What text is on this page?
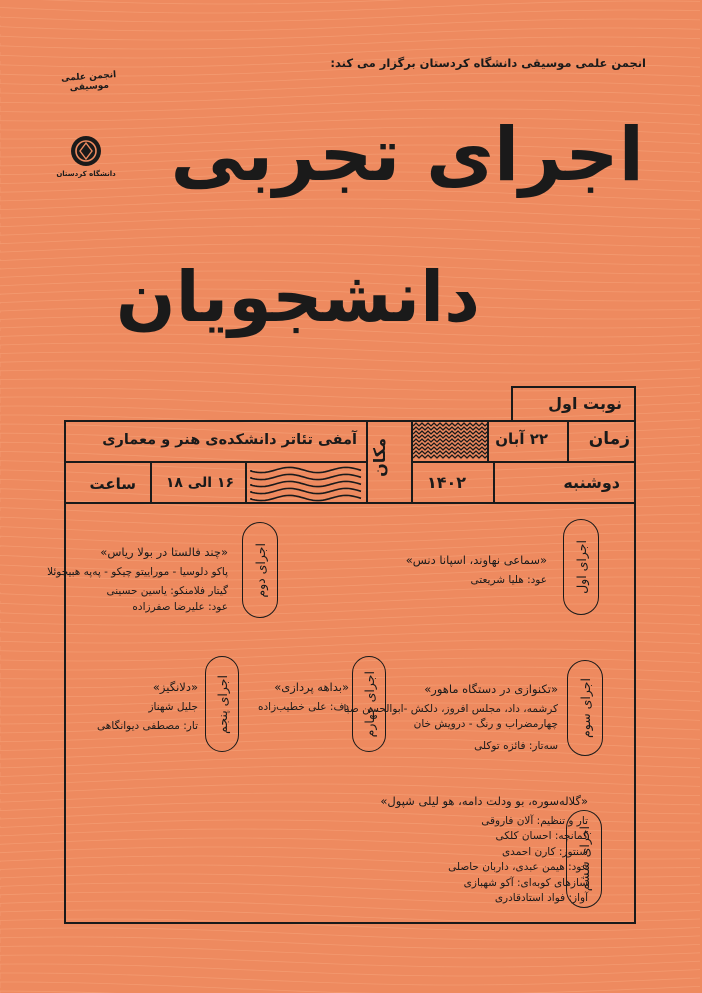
انجمن علمی موسیقی
دانشگاه کردستان
انجمن علمی موسیقی دانشگاه کردستان برگزار می کند:
اجرای تجربی
دانشجویان
نوبت اول
زمان
۲۲ آبان
دوشنبه
۱۴۰۲
مکان
آمفی تئاتر دانشکده‌ی هنر و معماری
۱۶ الی ۱۸
ساعت
اجرای اول
«سماعی نهاوند، اسپانا دنس»
عود: هلیا شریعتی
اجرای دوم
«چند فالستا در بولا ریاس»
پاکو دلوسیا - موراییتو چیکو - په‌په هبیچوئلا
گیتار فلامنکو: یاسین حسینی
عود: علیرضا صفرزاده
اجرای سوم
«تکنوازی در دستگاه ماهور»
کرشمه، داد، مجلس افروز، دلکش -ابوالحسن صبا
چهارمضراب و رنگ - درویش خان
سه‌تار: فائزه توکلی
اجرای چهارم
«بداهه پردازی»
دف: علی خطیب‌زاده
اجرای پنجم
«دلانگیز»
جلیل شهناز
تار: مصطفی دیوانگاهی
اجرای ششم
«گلاله‌سوره، بو ودلت دامه، هو لیلی شپول»
تار و تنظیم: آلان فاروقی
کمانچه: احسان کلکی
سنتور: کارن احمدی
عود: هیمن عبدی، داربان حاصلی
سازهای کوبه‌ای: آکو شهبازی
آواز: فواد استادقادری
